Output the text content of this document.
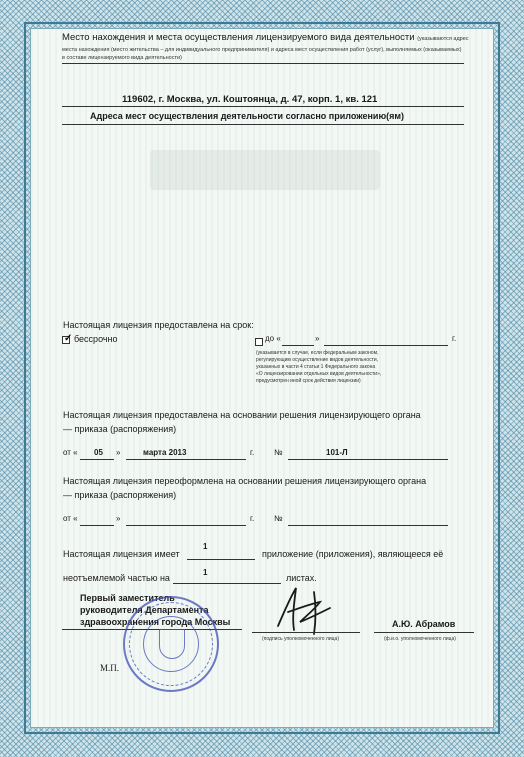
Место нахождения и места осуществления лицензируемого вида деятельности (указываются адрес
места нахождения (место жительства – для индивидуального предпринимателя) и адреса мест осуществления работ (услуг), выполняемых (оказываемых)
в составе лицензируемого вида деятельности)
119602, г. Москва, ул. Коштоянца, д. 47, корп. 1, кв. 121
Адреса мест осуществления деятельности согласно приложению(ям)
Настоящая лицензия предоставлена на срок:
✓ бессрочно	до «	»	г.
(указывается в случае, если федеральным законом,
регулирующим осуществление видов деятельности,
указанных в части 4 статьи 1 Федерального закона
«О лицензировании отдельных видов деятельности»,
предусмотрен иной срок действия лицензии)
Настоящая лицензия предоставлена на основании решения лицензирующего органа
— приказа (распоряжения)
от « 05 »	марта 2013	г. №	101-Л
Настоящая лицензия переоформлена на основании решения лицензирующего органа
— приказа (распоряжения)
от «	»	г. №
Настоящая лицензия имеет
1
приложение (приложения), являющееся её
неотъемлемой частью на
1
листах.
Первый заместитель
руководителя Департамента
здравоохранения города Москвы
(подпись уполномоченного лица)
А.Ю. Абрамов
(ф.и.о. уполномоченного лица)
М.П.
